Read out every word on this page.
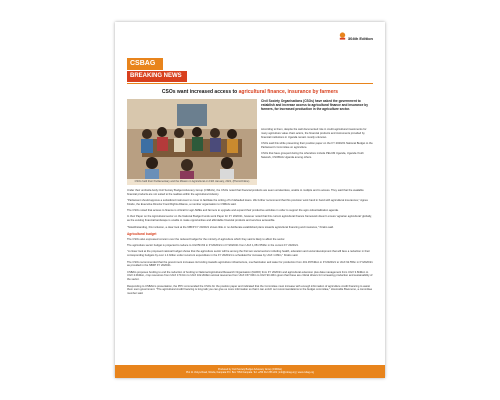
304th Edition
CSBAG
BREAKING NEWS
CSOs want increased access to agricultural finance, insurance by farmers
CSOs held their Parliamentary and the Mission in Agricultural on 19th January, 2021, (Photo/Online)
Civil Society Organisations (CSOs) have asked the government to establish and increase access to agricultural finance and insurance by farmers, for increased production in the agriculture sector.

According to them, despite the well documented role in credit agricultural investments for many agriculture value chain actors, the financial products and instruments provided by financial institutions in Uganda remain mostly unknown.

CSOs said this while presenting their position paper on the FY 2020/21 National Budget to the Parliament's Committee on agriculture.

CSOs that have grouped during the wherefore include PELUM Uganda, Uganda Youth Network, CSOBAG Uganda among others.

Under their umbrella body Civil Society Budget Advocacy Group (CSBAG), the CSOs noted that financial products are seem unrelentless, unable to multiple and to access. They said that the available financial products are not suited to the realities within the agricultural industry.

"Parliament should approve a subsidized instrument to cover to facilitate the writing off of defaulted loans. We further recommend that this provision work hand in hand with agricultural insurances," Agnes Kirabo, the Executive Director Food Rights Alliance, a member organisation to CSBAG said.

The CSOs noted that access to finance is critical for agri-SMEs and farmers to upgrade and expand their productive activities in order to support the agro-industrialization agenda.

In their Paper on the Agricultural sector on the National Budget Funds work Paper for FY 2020/21, however noted that this current agricultural finance framework doesn't ensure 'agrarian agricultural' globally, as the existing financial landscape is unable to make opportunities and affordable financial products and services accessible.

"Notwithstanding, this inclusion, a clear look at the NBFP FY 2020/21 shows little or no deliberate established plans towards agricultural financing and insurance," Kirabo said.

Agricultural budget

The CSOs also expressed concern over the reduced budget for the ministry of agriculture which they said is likely to affect the sector.

The agriculture sector budget is projected to reduce to UGX5N.63 in FY2020/21 in FY2020/21 from UGX 1,051.553bn in the current FY 2020/21.

"A closer look at the proposed national budget shows that the agriculture sector will be among the first two social sectors including health, education and social development that will face a reduction in their corresponding budgets by over 1.4 billion under recurrent expenditure in the FY 2020/21 is scheduled for increase by UGX 1.06bn," Kirabo said.

The CSOs recommended that the government increases its funding towards agriculture infrastructure, mechanization and water for production from 401.457billion in FY2020/21 to UGX 92.55bn in FY2020/21 as provided in the NBFP FY 2020/21.

CSBAG proposes funding to end the reduction of funding to National Agricultural Research Organisation (NARO) from FY 2020/21 and agricultural extension plus data management from UGX 3.6billion to UGX 2.0billion, crop resources from UGX 170.1bn to UGX 102.2billion animal resources from UGX 157.63bn to UGX 90.43bn given that these are critical drivers for increasing production and sustainability of the sector.

Responding to CSBAG's presentation, the PPC commended the CSOs for the position paper and indicated that the Committee must increase with enough information of agriculture credit financing to assist them soon government. "The agricultural credit financing is long talk you can give us more information so that it can enrich our recommendations to the budget committee," Honorable Bwomono, a committee member said.

Produced by Civil Society Budget Advocacy Group (CSBAG)
Plot 11 Vubya Road, Ntinda, Kampala P.O. Box 7054 Kampala. Tel: +256 312 256 222 | info@csbag.org | www.csbag.org
